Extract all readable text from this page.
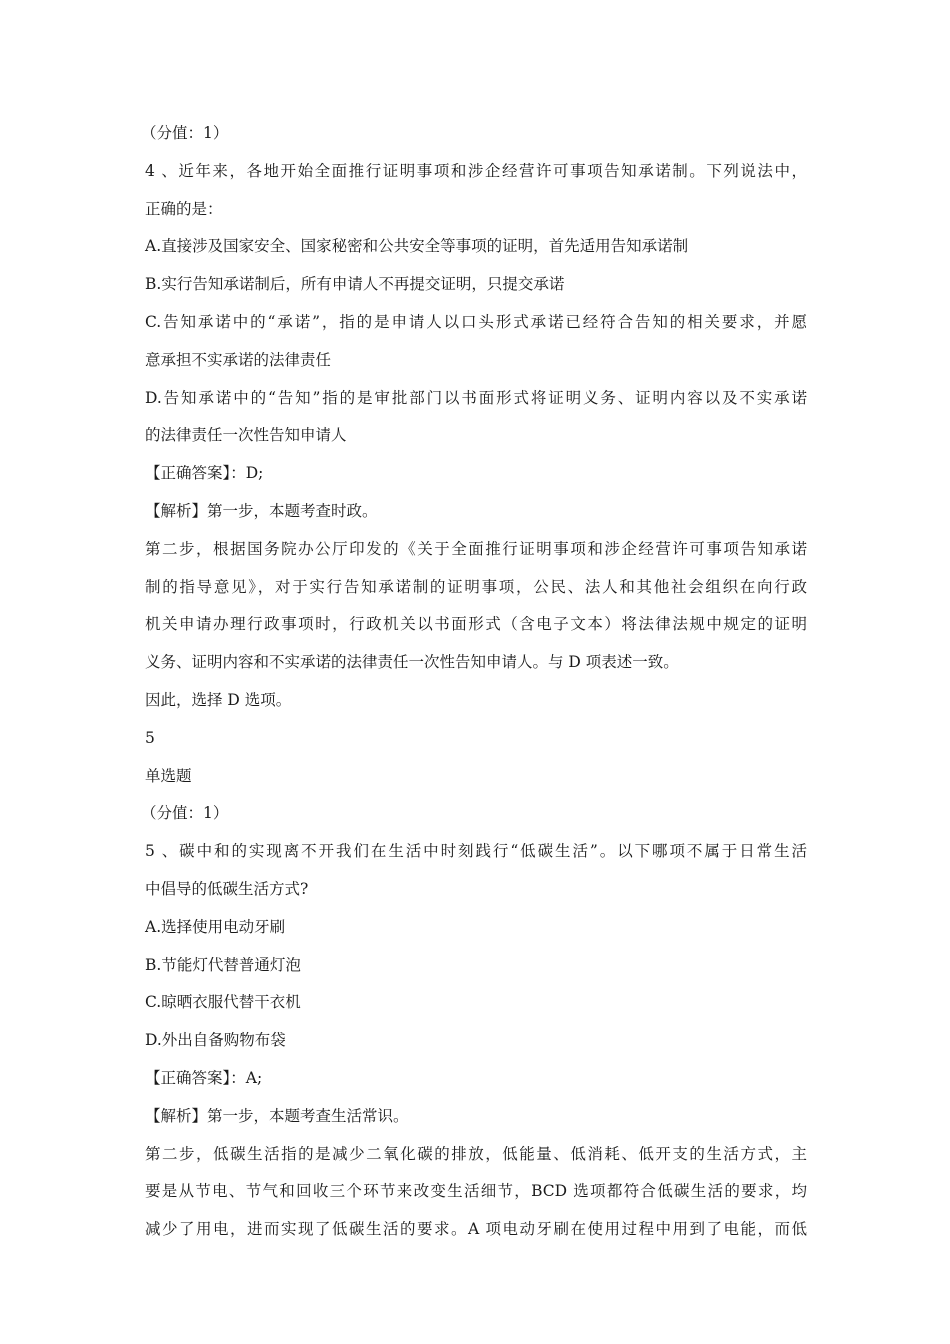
（分值：1）
4 、近年来，各地开始全面推行证明事项和涉企经营许可事项告知承诺制。下列说法中，
正确的是：
A.直接涉及国家安全、国家秘密和公共安全等事项的证明，首先适用告知承诺制
B.实行告知承诺制后，所有申请人不再提交证明，只提交承诺
C.告知承诺中的“承诺”，指的是申请人以口头形式承诺已经符合告知的相关要求，并愿
意承担不实承诺的法律责任
D.告知承诺中的“告知”指的是审批部门以书面形式将证明义务、证明内容以及不实承诺
的法律责任一次性告知申请人
【正确答案】：D;
【解析】第一步，本题考查时政。
第二步，根据国务院办公厅印发的《关于全面推行证明事项和涉企经营许可事项告知承诺
制的指导意见》，对于实行告知承诺制的证明事项，公民、法人和其他社会组织在向行政
机关申请办理行政事项时，行政机关以书面形式（含电子文本）将法律法规中规定的证明
义务、证明内容和不实承诺的法律责任一次性告知申请人。与 D 项表述一致。
因此，选择 D 选项。
5
单选题
（分值：1）
5 、碳中和的实现离不开我们在生活中时刻践行“低碳生活”。以下哪项不属于日常生活
中倡导的低碳生活方式?
A.选择使用电动牙刷
B.节能灯代替普通灯泡
C.晾晒衣服代替干衣机
D.外出自备购物布袋
【正确答案】：A;
【解析】第一步，本题考查生活常识。
第二步，低碳生活指的是减少二氧化碳的排放，低能量、低消耗、低开支的生活方式，主
要是从节电、节气和回收三个环节来改变生活细节，BCD 选项都符合低碳生活的要求，均
减少了用电，进而实现了低碳生活的要求。A 项电动牙刷在使用过程中用到了电能，而低
